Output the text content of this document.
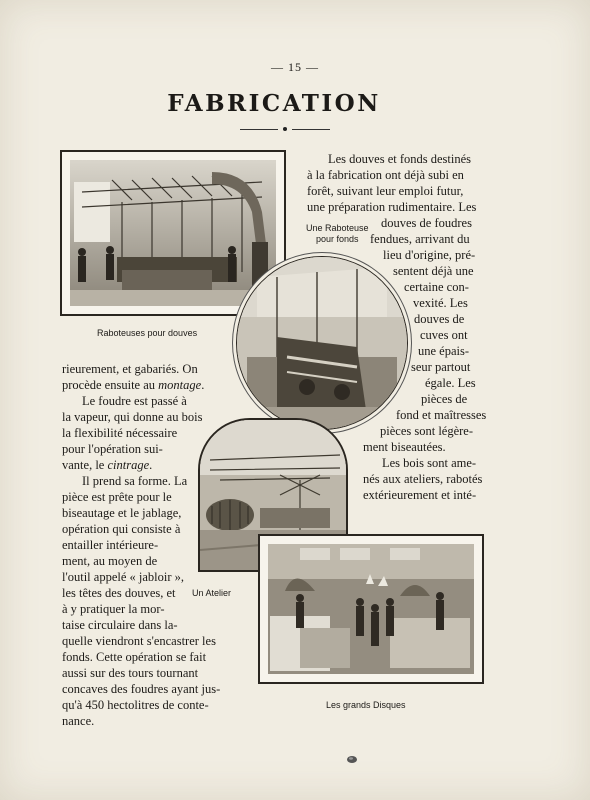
— 15 —
FABRICATION
Raboteuses pour douves
Une Raboteuse
pour fonds
Un Atelier
Les grands Disques
Les douves et fonds destinés
à la fabrication ont déjà subi en
forêt, suivant leur emploi futur,
une préparation rudimentaire. Les
douves de foudres
fendues, arrivant du
lieu d'origine, pré-
sentent déjà une
certaine con-
vexité. Les
douves de
cuves ont
une épais-
seur partout
égale. Les
pièces de
fond et maîtresses
pièces sont légère-
ment biseautées.
Les bois sont ame-
nés aux ateliers, rabotés
extérieurement et inté-
rieurement, et gabariés. On
procède ensuite au montage.
Le foudre est passé à
la vapeur, qui donne au bois
la flexibilité nécessaire
pour l'opération sui-
vante, le cintrage.
Il prend sa forme. La
pièce est prête pour le
biseautage et le jablage,
opération qui consiste à
entailler intérieure-
ment, au moyen de
l'outil appelé « jabloir »,
les têtes des douves, et
à y pratiquer la mor-
taise circulaire dans la-
quelle viendront s'encastrer les
fonds. Cette opération se fait
aussi sur des tours tournant
concaves des foudres ayant jus-
qu'à 450 hectolitres de conte-
nance.
